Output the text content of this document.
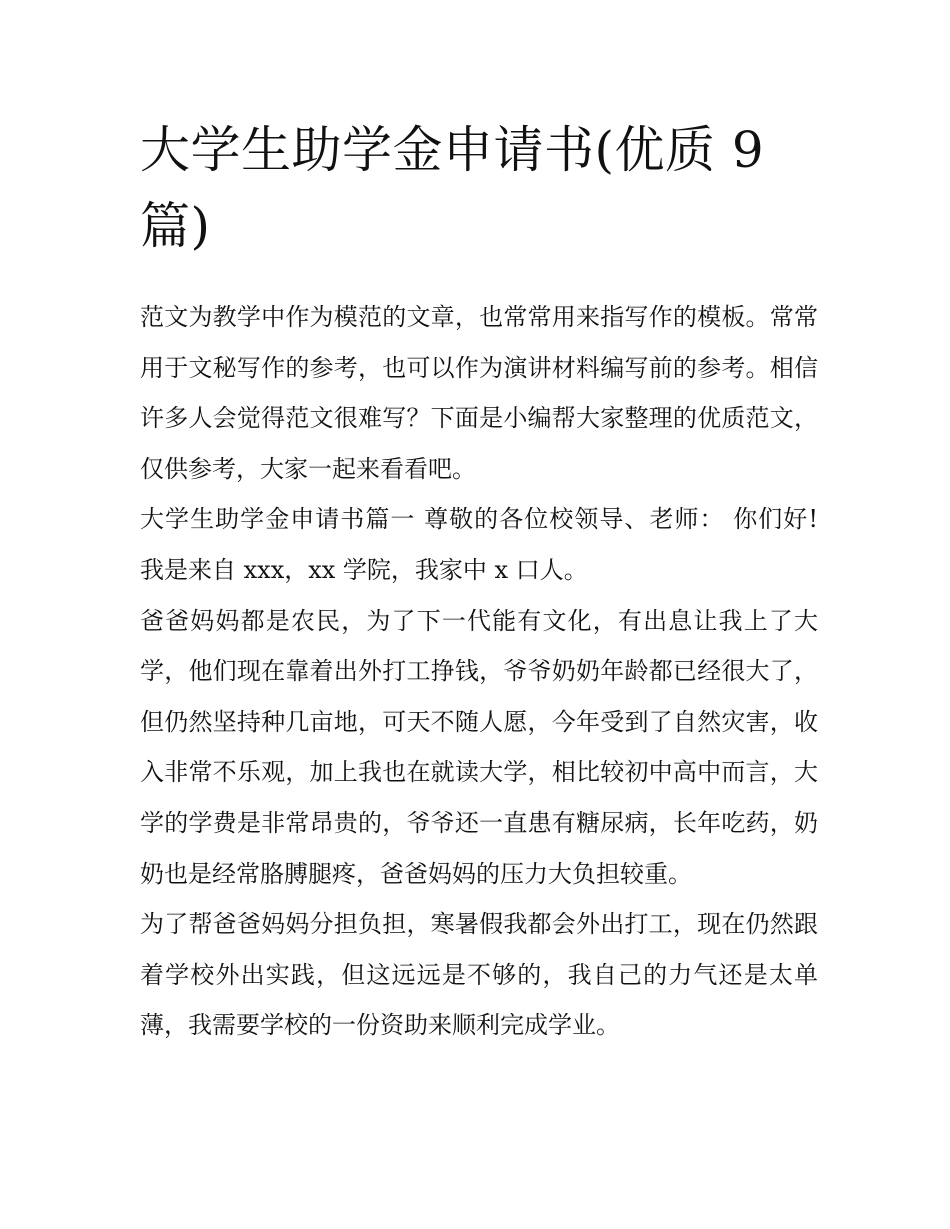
大学生助学金申请书(优质 9 篇)

范文为教学中作为模范的文章，也常常用来指写作的模板。常常用于文秘写作的参考，也可以作为演讲材料编写前的参考。相信许多人会觉得范文很难写？下面是小编帮大家整理的优质范文，仅供参考，大家一起来看看吧。

大学生助学金申请书篇一 尊敬的各位校领导、老师： 你们好! 我是来自 xxx，xx 学院，我家中 x 口人。

爸爸妈妈都是农民，为了下一代能有文化，有出息让我上了大学，他们现在靠着出外打工挣钱，爷爷奶奶年龄都已经很大了，但仍然坚持种几亩地，可天不随人愿，今年受到了自然灾害，收入非常不乐观，加上我也在就读大学，相比较初中高中而言，大学的学费是非常昂贵的，爷爷还一直患有糖尿病，长年吃药，奶奶也是经常胳膊腿疼，爸爸妈妈的压力大负担较重。

为了帮爸爸妈妈分担负担，寒暑假我都会外出打工，现在仍然跟着学校外出实践，但这远远是不够的，我自己的力气还是太单薄，我需要学校的一份资助来顺利完成学业。
